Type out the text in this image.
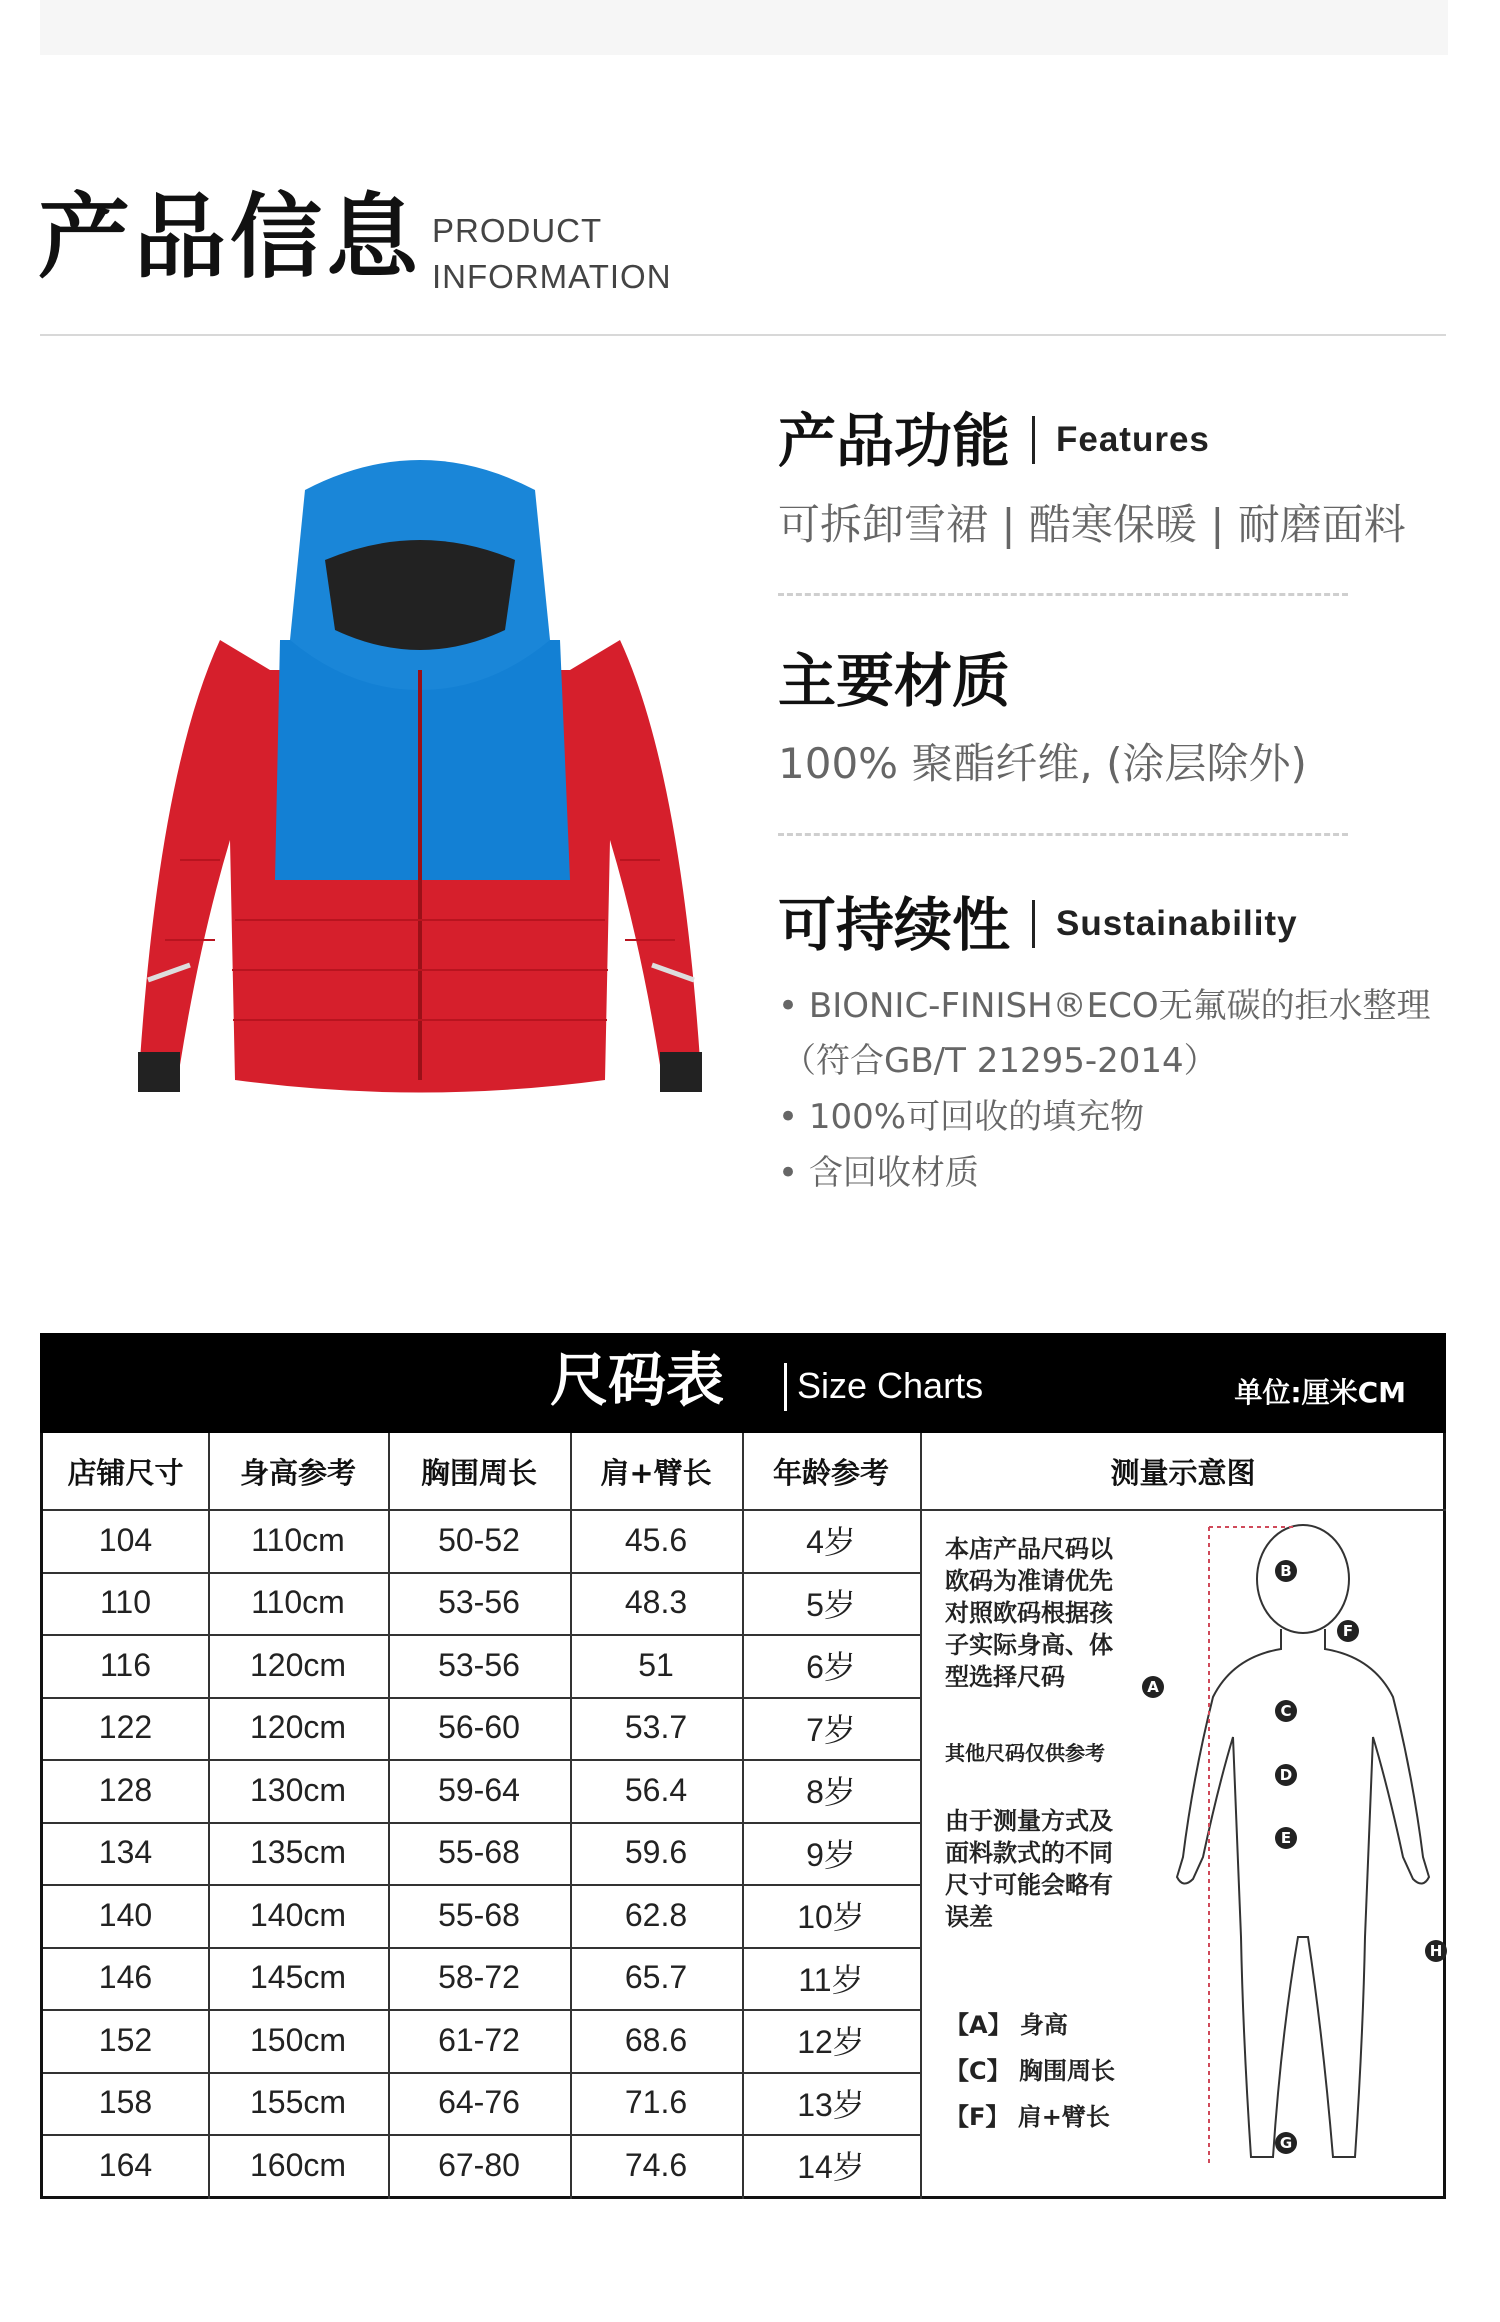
产品信息 PRODUCT
INFORMATION
产品功能 Features
可拆卸雪裙 | 酷寒保暖 | 耐磨面料
主要材质
100% 聚酯纤维, (涂层除外)
可持续性 Sustainability
• BIONIC-FINISH®ECO无氟碳的拒水整理
（符合GB/T 21295-2014）
• 100%可回收的填充物
• 含回收材质
尺码表 Size Charts	单位:厘米CM
店铺尺寸	身高参考	胸围周长	肩+臂长	年龄参考	测量示意图
104	110cm	50-52	45.6	4岁
110	110cm	53-56	48.3	5岁
116	120cm	53-56	51	6岁
122	120cm	56-60	53.7	7岁
128	130cm	59-64	56.4	8岁
134	135cm	55-68	59.6	9岁
140	140cm	55-68	62.8	10岁
146	145cm	58-72	65.7	11岁
152	150cm	61-72	68.6	12岁
158	155cm	64-76	71.6	13岁
164	160cm	67-80	74.6	14岁
本店产品尺码以
欧码为准请优先
对照欧码根据孩
子实际身高、体
型选择尺码
其他尺码仅供参考
由于测量方式及
面料款式的不同
尺寸可能会略有
误差
【A】 身高
【C】 胸围周长
【F】 肩+臂长
A
B
C
D
E
F
G
H
